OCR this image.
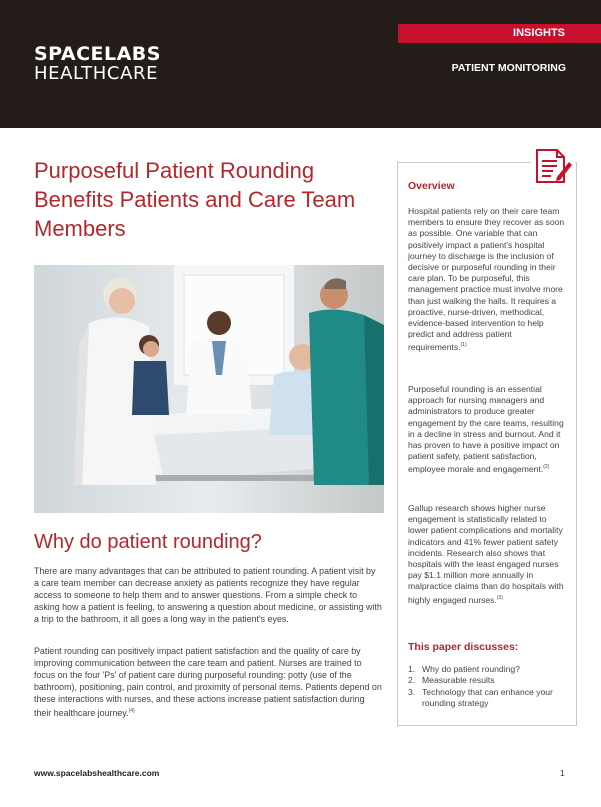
SPACELABS
HEALTHCARE
INSIGHTS
PATIENT MONITORING
Purposeful Patient Rounding Benefits Patients and Care Team Members
Why do patient rounding?

There are many advantages that can be attributed to patient rounding. A patient visit by a care team member can decrease anxiety as patients recognize they have regular access to someone to help them and to answer questions. From a simple check to asking how a patient is feeling, to answering a question about medicine, or assisting with a trip to the bathroom, it all goes a long way in the patient's eyes.

Patient rounding can positively impact patient satisfaction and the quality of care by improving communication between the care team and patient. Nurses are trained to focus on the four 'Ps' of patient care during purposeful rounding: potty (use of the bathroom), positioning, pain control, and proximity of personal items. Patients depend on these interactions with nurses, and these actions increase patient satisfaction during their healthcare journey.$^{(4)}$

Overview

Hospital patients rely on their care team members to ensure they recover as soon as possible. One variable that can positively impact a patient's hospital journey to discharge is the inclusion of decisive or purposeful rounding in their care plan. To be purposeful, this management practice must involve more than just walking the halls. It requires a proactive, nurse-driven, methodical, evidence-based intervention to help predict and address patient requirements.$^{(1)}$

Purposeful rounding is an essential approach for nursing managers and administrators to produce greater engagement by the care teams, resulting in a decline in stress and burnout. And it has proven to have a positive impact on patient safety, patient satisfaction, employee morale and engagement.$^{(2)}$

Gallup research shows higher nurse engagement is statistically related to lower patient complications and mortality indicators and 41% fewer patient safety incidents. Research also shows that hospitals with the least engaged nurses pay $1.1 million more annually in malpractice claims than do hospitals with highly engaged nurses.$^{(3)}$

This paper discusses:
1. Why do patient rounding?
2. Measurable results
3. Technology that can enhance your rounding strategy
www.spacelabshealthcare.com	1
